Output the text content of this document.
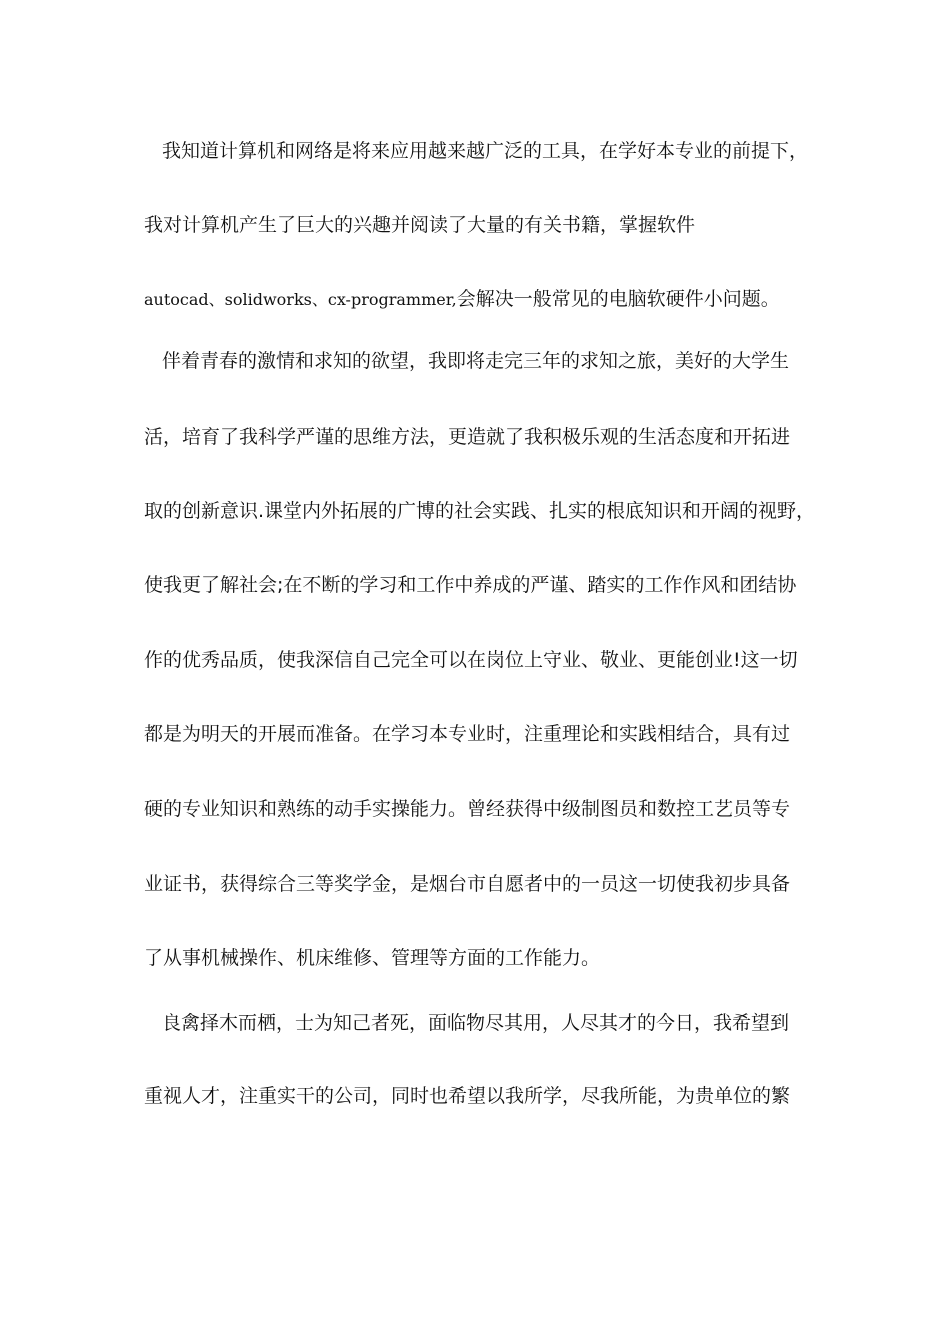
我知道计算机和网络是将来应用越来越广泛的工具，在学好本专业的前提下，
我对计算机产生了巨大的兴趣并阅读了大量的有关书籍，掌握软件
autocad、solidworks、cx-programmer,会解决一般常见的电脑软硬件小问题。
伴着青春的激情和求知的欲望，我即将走完三年的求知之旅，美好的大学生
活，培育了我科学严谨的思维方法，更造就了我积极乐观的生活态度和开拓进
取的创新意识.课堂内外拓展的广博的社会实践、扎实的根底知识和开阔的视野，
使我更了解社会;在不断的学习和工作中养成的严谨、踏实的工作作风和团结协
作的优秀品质，使我深信自己完全可以在岗位上守业、敬业、更能创业!这一切
都是为明天的开展而准备。在学习本专业时，注重理论和实践相结合，具有过
硬的专业知识和熟练的动手实操能力。曾经获得中级制图员和数控工艺员等专
业证书，获得综合三等奖学金，是烟台市自愿者中的一员这一切使我初步具备
了从事机械操作、机床维修、管理等方面的工作能力。
良禽择木而栖，士为知己者死，面临物尽其用，人尽其才的今日，我希望到
重视人才，注重实干的公司，同时也希望以我所学，尽我所能，为贵单位的繁
